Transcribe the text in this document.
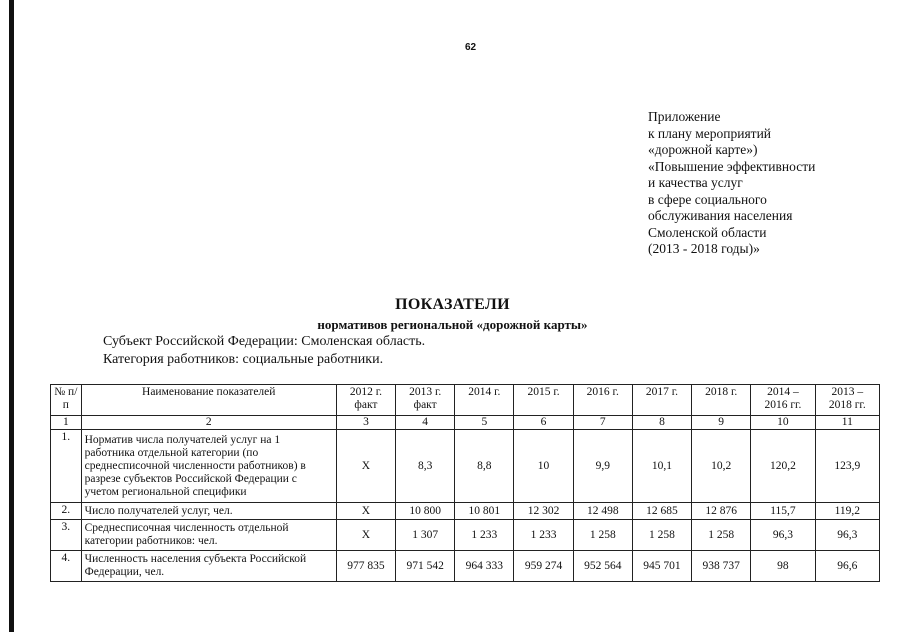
62
Приложение
к плану мероприятий
«дорожной карте»)
«Повышение эффективности
и качества услуг
в сфере социального
обслуживания населения
Смоленской области
(2013 - 2018 годы)»
ПОКАЗАТЕЛИ
нормативов региональной «дорожной карты»
Субъект Российской Федерации: Смоленская область.
Категория работников: социальные работники.
№ п/п	Наименование показателей	2012 г. факт	2013 г. факт	2014 г.	2015 г.	2016 г.	2017 г.	2018 г.	2014 – 2016 гг.	2013 – 2018 гг.
1	2	3	4	5	6	7	8	9	10	11
1.	Норматив числа получателей услуг на 1 работника отдельной категории (по среднесписочной численности работников) в разрезе субъектов Российской Федерации с учетом региональной специфики	Х	8,3	8,8	10	9,9	10,1	10,2	120,2	123,9
2.	Число получателей услуг, чел.	Х	10 800	10 801	12 302	12 498	12 685	12 876	115,7	119,2
3.	Среднесписочная численность отдельной категории работников: чел.	Х	1 307	1 233	1 233	1 258	1 258	1 258	96,3	96,3
4.	Численность населения субъекта Российской Федерации, чел.	977 835	971 542	964 333	959 274	952 564	945 701	938 737	98	96,6
